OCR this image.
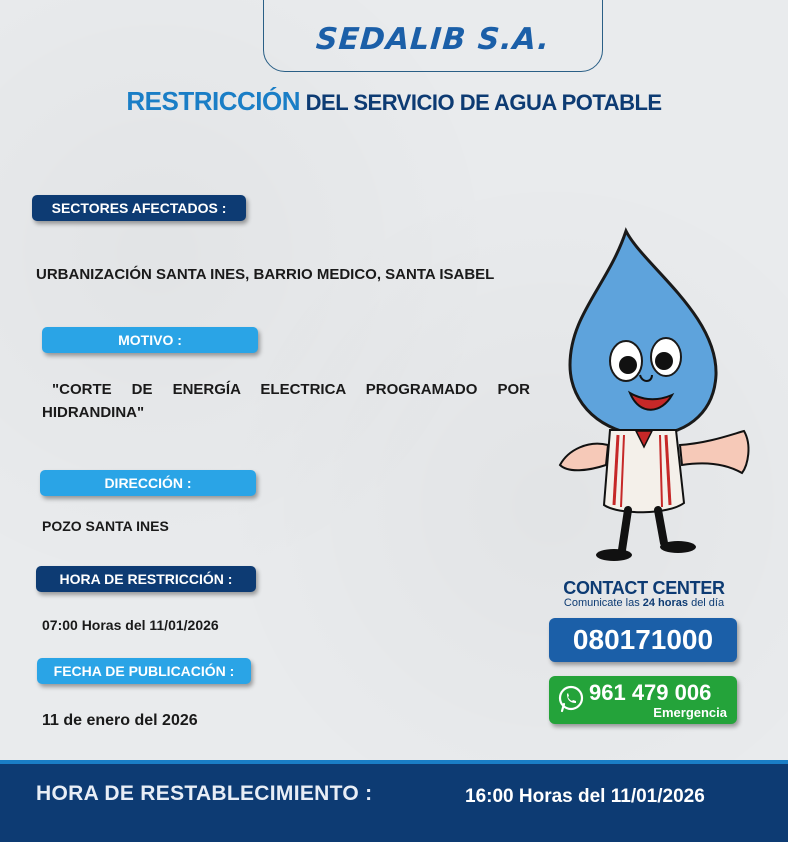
SEDALIB S.A.
RESTRICCIÓN DEL SERVICIO DE AGUA POTABLE
SECTORES AFECTADOS :
URBANIZACIÓN SANTA INES, BARRIO MEDICO, SANTA ISABEL
MOTIVO :
"CORTE DE ENERGÍA ELECTRICA PROGRAMADO POR HIDRANDINA"
DIRECCIÓN :
POZO SANTA INES
HORA DE RESTRICCIÓN :
07:00 Horas del 11/01/2026
FECHA DE PUBLICACIÓN :
11 de enero del 2026
CONTACT CENTER
Comunicate las 24 horas del día
080171000
961 479 006
Emergencia
HORA DE RESTABLECIMIENTO :	16:00 Horas del 11/01/2026
